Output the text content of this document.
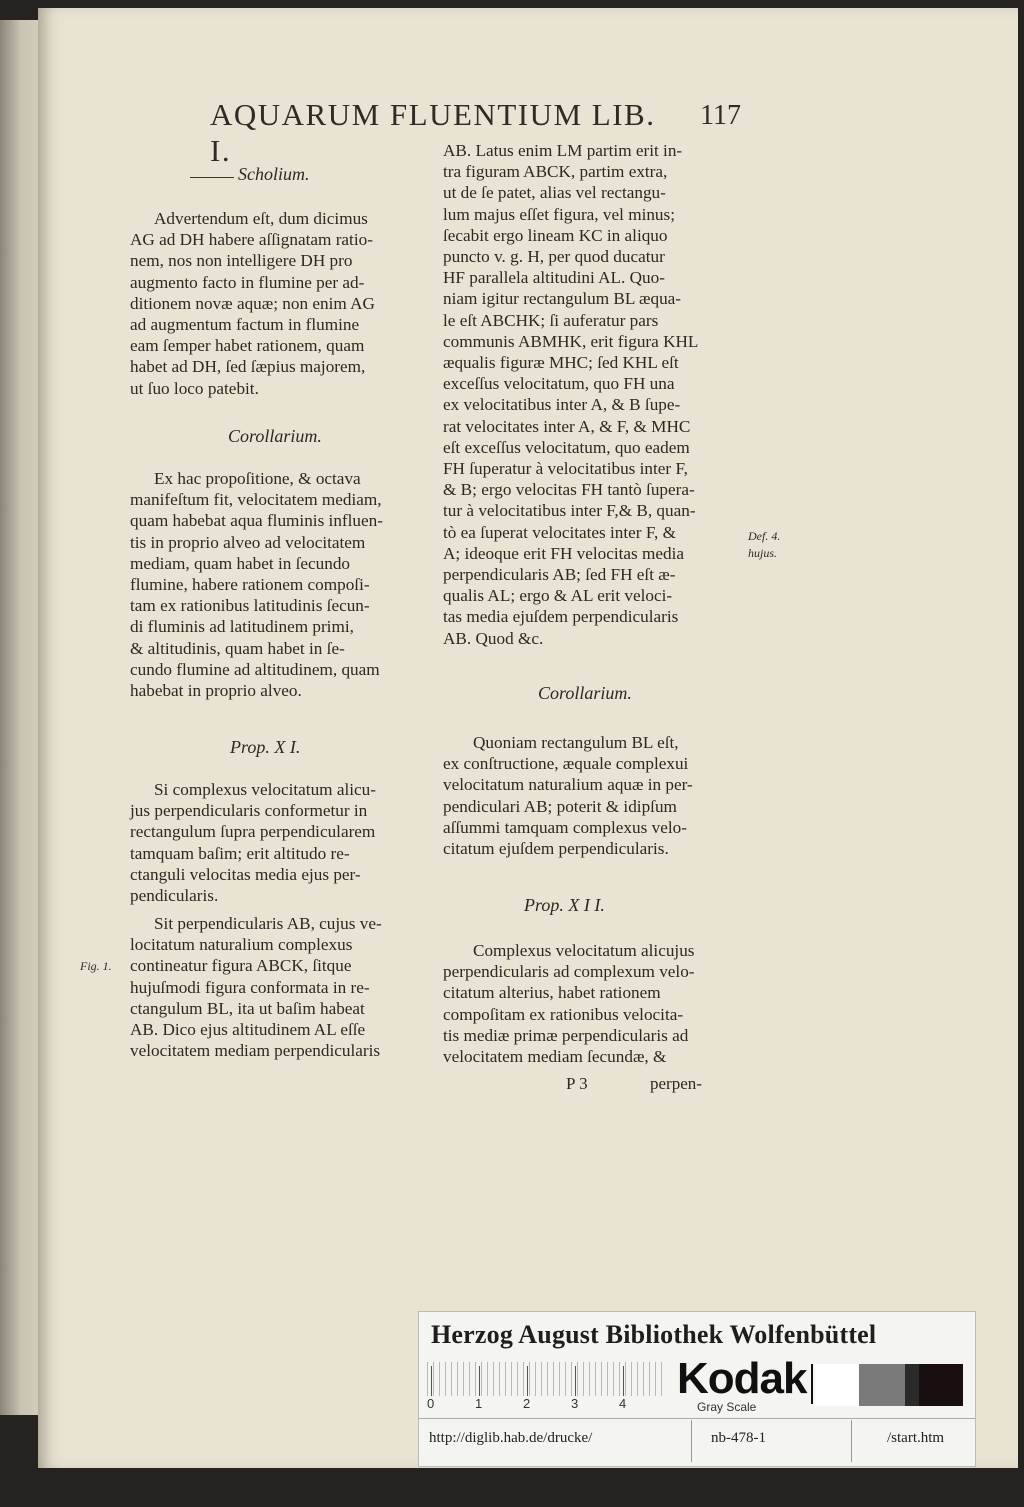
AQUARUM FLUENTIUM LIB. I.
117
Scholium.
Advertendum eſt, dum dicimus
AG ad DH habere aſſignatam ratio-
nem, nos non intelligere DH pro
augmento facto in flumine per ad-
ditionem novæ aquæ; non enim AG
ad augmentum factum in flumine
eam ſemper habet rationem, quam
habet ad DH, ſed ſæpius majorem,
ut ſuo loco patebit.
Corollarium.
Ex hac propoſitione, & octava
manifeſtum fit, velocitatem mediam,
quam habebat aqua fluminis influen-
tis in proprio alveo ad velocitatem
mediam, quam habet in ſecundo
flumine, habere rationem compoſi-
tam ex rationibus latitudinis ſecun-
di fluminis ad latitudinem primi,
& altitudinis, quam habet in ſe-
cundo flumine ad altitudinem, quam
habebat in proprio alveo.
Prop. X I.
Si complexus velocitatum alicu-
jus perpendicularis conformetur in
rectangulum ſupra perpendicularem
tamquam baſim; erit altitudo re-
ctanguli velocitas media ejus per-
pendicularis.
Sit perpendicularis AB, cujus ve-
locitatum naturalium complexus
contineatur figura ABCK, ſitque
hujuſmodi figura conformata in re-
ctangulum BL, ita ut baſim habeat
AB. Dico ejus altitudinem AL eſſe
velocitatem mediam perpendicularis
Fig. 1.
AB. Latus enim LM partim erit in-
tra figuram ABCK, partim extra,
ut de ſe patet, alias vel rectangu-
lum majus eſſet figura, vel minus;
ſecabit ergo lineam KC in aliquo
puncto v. g. H, per quod ducatur
HF parallela altitudini AL. Quo-
niam igitur rectangulum BL æqua-
le eſt ABCHK; ſi auferatur pars
communis ABMHK, erit figura KHL
æqualis figuræ MHC; ſed KHL eſt
exceſſus velocitatum, quo FH una
ex velocitatibus inter A, & B ſupe-
rat velocitates inter A, & F, & MHC
eſt exceſſus velocitatum, quo eadem
FH ſuperatur à velocitatibus inter F,
& B; ergo velocitas FH tantò ſupera-
tur à velocitatibus inter F,& B, quan-
tò ea ſuperat velocitates inter F, &
A; ideoque erit FH velocitas media
perpendicularis AB; ſed FH eſt æ-
qualis AL; ergo & AL erit veloci-
tas media ejuſdem perpendicularis
AB. Quod &c.
Def. 4.
hujus.
Corollarium.
Quoniam rectangulum BL eſt,
ex conſtructione, æquale complexui
velocitatum naturalium aquæ in per-
pendiculari AB; poterit & idipſum
aſſummi tamquam complexus velo-
citatum ejuſdem perpendicularis.
Prop. X I I.
Complexus velocitatum alicujus
perpendicularis ad complexum velo-
citatum alterius, habet rationem
compoſitam ex rationibus velocita-
tis mediæ primæ perpendicularis ad
velocitatem mediam ſecundæ, &
P 3	perpen-
Herzog August Bibliothek Wolfenbüttel
0	1	2	3	4
Kodak
Gray Scale
http://diglib.hab.de/drucke/	nb-478-1	/start.htm
